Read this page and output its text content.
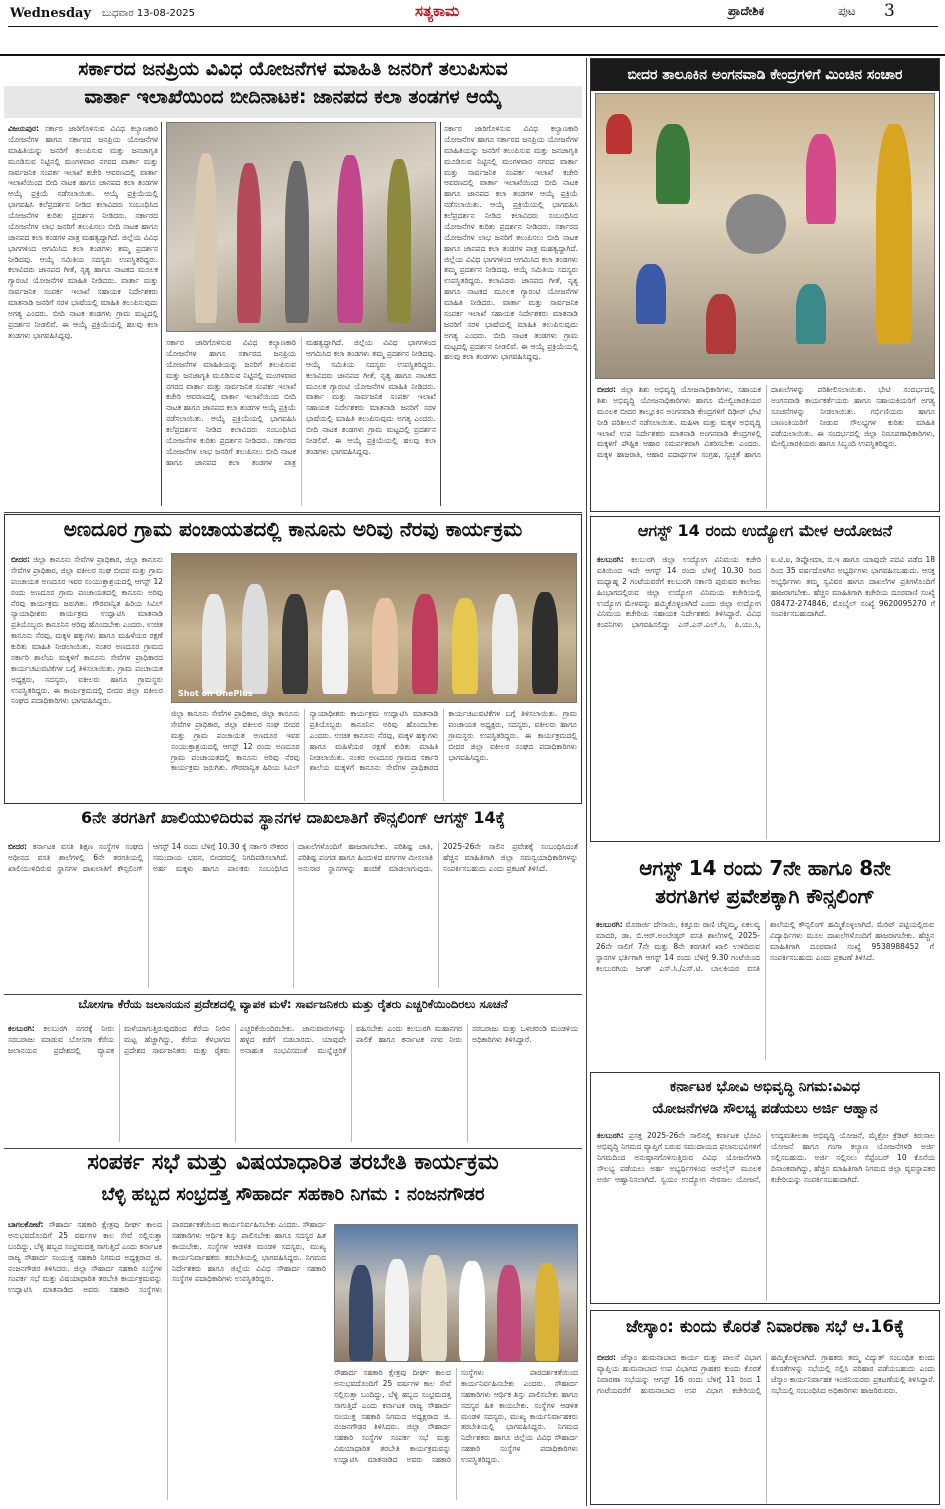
Wednesday ಬುಧವಾರ 13-08-2025	ಸತ್ಯಕಾಮ	ಪ್ರಾದೇಶಿಕ	ಪುಟ 3
ಸರ್ಕಾರದ ಜನಪ್ರಿಯ ವಿವಿಧ ಯೋಜನೆಗಳ ಮಾಹಿತಿ ಜನರಿಗೆ ತಲುಪಿಸುವ
ವಾರ್ತಾ ಇಲಾಖೆಯಿಂದ ಬೀದಿನಾಟಕ: ಜಾನಪದ ಕಲಾ ತಂಡಗಳ ಆಯ್ಕೆ
ವಿಜಯಪುರ: ಸರ್ಕಾರ ಜಾರಿಗೊಳಿಸುವ ವಿವಿಧ ಕಲ್ಯಾಣಕಾರಿ ಯೋಜನೆಗಳ ಹಾಗೂ ಸರ್ಕಾರದ ಜನಪ್ರಿಯ ಯೋಜನೆಗಳ ಮಾಹಿತಿಯನ್ನು ಜನರಿಗೆ ತಲುಪಿಸುವ ಮತ್ತು ಜನಜಾಗೃತಿ ಮೂಡಿಸುವ ನಿಟ್ಟಿನಲ್ಲಿ ಮಂಗಳವಾರ ನಗರದ ವಾರ್ತಾ ಮತ್ತು ಸಾರ್ವಜನಿಕ ಸಂಪರ್ಕ ಇಲಾಖೆ ಕಚೇರಿ ಆವರಣದಲ್ಲಿ ವಾರ್ತಾ ಇಲಾಖೆಯಿಂದ ಬೀದಿ ನಾಟಕ ಹಾಗೂ ಜಾನಪದ ಕಲಾ ತಂಡಗಳ ಆಯ್ಕೆ ಪ್ರಕ್ರಿಯೆ ನಡೆಸಲಾಯಿತು. ಆಯ್ಕೆ ಪ್ರಕ್ರಿಯೆಯಲ್ಲಿ ಭಾಗವಹಿಸಿ ಕಲೆಪ್ರದರ್ಶನ ನೀಡಿದ ಕಲಾವಿದರು ಸಂಬಂಧಿಸಿದ ಯೋಜನೆಗಳ ಕುರಿತು ಪ್ರದರ್ಶನ ನೀಡಿದರು. ಸರ್ಕಾರದ ಯೋಜನೆಗಳ ಲಾಭ ಜನರಿಗೆ ತಲುಪಿಸಲು ಬೀದಿ ನಾಟಕ ಹಾಗೂ ಜಾನಪದ ಕಲಾ ತಂಡಗಳ ಪಾತ್ರ ಮಹತ್ವದ್ದಾಗಿದೆ. ಜಿಲ್ಲೆಯ ವಿವಿಧ ಭಾಗಗಳಿಂದ ಆಗಮಿಸಿದ ಕಲಾ ತಂಡಗಳು ತಮ್ಮ ಪ್ರದರ್ಶನ ನೀಡಿದವು. ಆಯ್ಕೆ ಸಮಿತಿಯ ಸದಸ್ಯರು ಉಪಸ್ಥಿತರಿದ್ದರು. ಕಲಾವಿದರು ಜಾನಪದ ಗೀತೆ, ನೃತ್ಯ ಹಾಗೂ ನಾಟಕದ ಮೂಲಕ ಗ್ಯಾರಂಟಿ ಯೋಜನೆಗಳ ಮಾಹಿತಿ ನೀಡಿದರು. ವಾರ್ತಾ ಮತ್ತು ಸಾರ್ವಜನಿಕ ಸಂಪರ್ಕ ಇಲಾಖೆ ಸಹಾಯಕ ನಿರ್ದೇಶಕರು ಮಾತನಾಡಿ ಜನರಿಗೆ ಸರಳ ಭಾಷೆಯಲ್ಲಿ ಮಾಹಿತಿ ತಲುಪಿಸುವುದು ಅಗತ್ಯ ಎಂದರು. ಬೀದಿ ನಾಟಕ ತಂಡಗಳು ಗ್ರಾಮ ಮಟ್ಟದಲ್ಲಿ ಪ್ರದರ್ಶನ ನೀಡಲಿವೆ. ಈ ಆಯ್ಕೆ ಪ್ರಕ್ರಿಯೆಯಲ್ಲಿ ಹಲವು ಕಲಾ ತಂಡಗಳು ಭಾಗವಹಿಸಿದ್ದವು.
ಸರ್ಕಾರ ಜಾರಿಗೊಳಿಸುವ ವಿವಿಧ ಕಲ್ಯಾಣಕಾರಿ ಯೋಜನೆಗಳ ಹಾಗೂ ಸರ್ಕಾರದ ಜನಪ್ರಿಯ ಯೋಜನೆಗಳ ಮಾಹಿತಿಯನ್ನು ಜನರಿಗೆ ತಲುಪಿಸುವ ಮತ್ತು ಜನಜಾಗೃತಿ ಮೂಡಿಸುವ ನಿಟ್ಟಿನಲ್ಲಿ ಮಂಗಳವಾರ ನಗರದ ವಾರ್ತಾ ಮತ್ತು ಸಾರ್ವಜನಿಕ ಸಂಪರ್ಕ ಇಲಾಖೆ ಕಚೇರಿ ಆವರಣದಲ್ಲಿ ವಾರ್ತಾ ಇಲಾಖೆಯಿಂದ ಬೀದಿ ನಾಟಕ ಹಾಗೂ ಜಾನಪದ ಕಲಾ ತಂಡಗಳ ಆಯ್ಕೆ ಪ್ರಕ್ರಿಯೆ ನಡೆಸಲಾಯಿತು. ಆಯ್ಕೆ ಪ್ರಕ್ರಿಯೆಯಲ್ಲಿ ಭಾಗವಹಿಸಿ ಕಲೆಪ್ರದರ್ಶನ ನೀಡಿದ ಕಲಾವಿದರು ಸಂಬಂಧಿಸಿದ ಯೋಜನೆಗಳ ಕುರಿತು ಪ್ರದರ್ಶನ ನೀಡಿದರು. ಸರ್ಕಾರದ ಯೋಜನೆಗಳ ಲಾಭ ಜನರಿಗೆ ತಲುಪಿಸಲು ಬೀದಿ ನಾಟಕ ಹಾಗೂ ಜಾನಪದ ಕಲಾ ತಂಡಗಳ ಪಾತ್ರ ಮಹತ್ವದ್ದಾಗಿದೆ. ಜಿಲ್ಲೆಯ ವಿವಿಧ ಭಾಗಗಳಿಂದ ಆಗಮಿಸಿದ ಕಲಾ ತಂಡಗಳು ತಮ್ಮ ಪ್ರದರ್ಶನ ನೀಡಿದವು. ಆಯ್ಕೆ ಸಮಿತಿಯ ಸದಸ್ಯರು ಉಪಸ್ಥಿತರಿದ್ದರು. ಕಲಾವಿದರು ಜಾನಪದ ಗೀತೆ, ನೃತ್ಯ ಹಾಗೂ ನಾಟಕದ ಮೂಲಕ ಗ್ಯಾರಂಟಿ ಯೋಜನೆಗಳ ಮಾಹಿತಿ ನೀಡಿದರು. ವಾರ್ತಾ ಮತ್ತು ಸಾರ್ವಜನಿಕ ಸಂಪರ್ಕ ಇಲಾಖೆ ಸಹಾಯಕ ನಿರ್ದೇಶಕರು ಮಾತನಾಡಿ ಜನರಿಗೆ ಸರಳ ಭಾಷೆಯಲ್ಲಿ ಮಾಹಿತಿ ತಲುಪಿಸುವುದು ಅಗತ್ಯ ಎಂದರು. ಬೀದಿ ನಾಟಕ ತಂಡಗಳು ಗ್ರಾಮ ಮಟ್ಟದಲ್ಲಿ ಪ್ರದರ್ಶನ ನೀಡಲಿವೆ. ಈ ಆಯ್ಕೆ ಪ್ರಕ್ರಿಯೆಯಲ್ಲಿ ಹಲವು ಕಲಾ ತಂಡಗಳು ಭಾಗವಹಿಸಿದ್ದವು.
ಸರ್ಕಾರ ಜಾರಿಗೊಳಿಸುವ ವಿವಿಧ ಕಲ್ಯಾಣಕಾರಿ ಯೋಜನೆಗಳ ಹಾಗೂ ಸರ್ಕಾರದ ಜನಪ್ರಿಯ ಯೋಜನೆಗಳ ಮಾಹಿತಿಯನ್ನು ಜನರಿಗೆ ತಲುಪಿಸುವ ಮತ್ತು ಜನಜಾಗೃತಿ ಮೂಡಿಸುವ ನಿಟ್ಟಿನಲ್ಲಿ ಮಂಗಳವಾರ ನಗರದ ವಾರ್ತಾ ಮತ್ತು ಸಾರ್ವಜನಿಕ ಸಂಪರ್ಕ ಇಲಾಖೆ ಕಚೇರಿ ಆವರಣದಲ್ಲಿ ವಾರ್ತಾ ಇಲಾಖೆಯಿಂದ ಬೀದಿ ನಾಟಕ ಹಾಗೂ ಜಾನಪದ ಕಲಾ ತಂಡಗಳ ಆಯ್ಕೆ ಪ್ರಕ್ರಿಯೆ ನಡೆಸಲಾಯಿತು. ಆಯ್ಕೆ ಪ್ರಕ್ರಿಯೆಯಲ್ಲಿ ಭಾಗವಹಿಸಿ ಕಲೆಪ್ರದರ್ಶನ ನೀಡಿದ ಕಲಾವಿದರು ಸಂಬಂಧಿಸಿದ ಯೋಜನೆಗಳ ಕುರಿತು ಪ್ರದರ್ಶನ ನೀಡಿದರು. ಸರ್ಕಾರದ ಯೋಜನೆಗಳ ಲಾಭ ಜನರಿಗೆ ತಲುಪಿಸಲು ಬೀದಿ ನಾಟಕ ಹಾಗೂ ಜಾನಪದ ಕಲಾ ತಂಡಗಳ ಪಾತ್ರ ಮಹತ್ವದ್ದಾಗಿದೆ. ಜಿಲ್ಲೆಯ ವಿವಿಧ ಭಾಗಗಳಿಂದ ಆಗಮಿಸಿದ ಕಲಾ ತಂಡಗಳು ತಮ್ಮ ಪ್ರದರ್ಶನ ನೀಡಿದವು. ಆಯ್ಕೆ ಸಮಿತಿಯ ಸದಸ್ಯರು ಉಪಸ್ಥಿತರಿದ್ದರು. ಕಲಾವಿದರು ಜಾನಪದ ಗೀತೆ, ನೃತ್ಯ ಹಾಗೂ ನಾಟಕದ ಮೂಲಕ ಗ್ಯಾರಂಟಿ ಯೋಜನೆಗಳ ಮಾಹಿತಿ ನೀಡಿದರು. ವಾರ್ತಾ ಮತ್ತು ಸಾರ್ವಜನಿಕ ಸಂಪರ್ಕ ಇಲಾಖೆ ಸಹಾಯಕ ನಿರ್ದೇಶಕರು ಮಾತನಾಡಿ ಜನರಿಗೆ ಸರಳ ಭಾಷೆಯಲ್ಲಿ ಮಾಹಿತಿ ತಲುಪಿಸುವುದು ಅಗತ್ಯ ಎಂದರು. ಬೀದಿ ನಾಟಕ ತಂಡಗಳು ಗ್ರಾಮ ಮಟ್ಟದಲ್ಲಿ ಪ್ರದರ್ಶನ ನೀಡಲಿವೆ. ಈ ಆಯ್ಕೆ ಪ್ರಕ್ರಿಯೆಯಲ್ಲಿ ಹಲವು ಕಲಾ ತಂಡಗಳು ಭಾಗವಹಿಸಿದ್ದವು.
ಬೀದರ ತಾಲೂಕಿನ ಅಂಗನವಾಡಿ ಕೇಂದ್ರಗಳಿಗೆ ಮಿಂಚಿನ ಸಂಚಾರ
ಬೀದರ: ಜಿಲ್ಲಾ ಶಿಶು ಅಭಿವೃದ್ಧಿ ಯೋಜನಾಧಿಕಾರಿಗಳು, ಸಹಾಯಕ ಶಿಶು ಅಭಿವೃದ್ಧಿ ಯೋಜನಾಧಿಕಾರಿಗಳು ಹಾಗೂ ಮೇಲ್ವಿಚಾರಕಿಯರ ಮೂಲಕ ಬೀದರ ತಾಲ್ಲೂಕಿನ ಅಂಗನವಾಡಿ ಕೇಂದ್ರಗಳಿಗೆ ದಿಢೀರ್ ಭೇಟಿ ನೀಡಿ ಪರಿಶೀಲನೆ ನಡೆಸಲಾಯಿತು. ಮಹಿಳಾ ಮತ್ತು ಮಕ್ಕಳ ಅಭಿವೃದ್ಧಿ ಇಲಾಖೆ ಉಪ ನಿರ್ದೇಶಕರು ಮಾತನಾಡಿ ಅಂಗನವಾಡಿ ಕೇಂದ್ರಗಳಲ್ಲಿ ಮಕ್ಕಳಿಗೆ ಪೌಷ್ಟಿಕ ಆಹಾರ ಸಮರ್ಪಕವಾಗಿ ವಿತರಿಸಬೇಕು ಎಂದರು. ಮಕ್ಕಳ ಹಾಜರಾತಿ, ಆಹಾರ ಪದಾರ್ಥಗಳ ಸಂಗ್ರಹ, ಸ್ವಚ್ಛತೆ ಹಾಗೂ ದಾಖಲೆಗಳನ್ನು ಪರಿಶೀಲಿಸಲಾಯಿತು. ಭೇಟಿ ಸಂದರ್ಭದಲ್ಲಿ ಅಂಗನವಾಡಿ ಕಾರ್ಯಕರ್ತೆಯರು ಹಾಗೂ ಸಹಾಯಕಿಯರಿಗೆ ಅಗತ್ಯ ಸೂಚನೆಗಳನ್ನು ನೀಡಲಾಯಿತು. ಗರ್ಭಿಣಿಯರು ಹಾಗೂ ಬಾಣಂತಿಯರಿಗೆ ನೀಡುವ ಸೌಲಭ್ಯಗಳ ಕುರಿತು ಮಾಹಿತಿ ಪಡೆಯಲಾಯಿತು. ಈ ಸಂದರ್ಭದಲ್ಲಿ ಜಿಲ್ಲಾ ನಿರೂಪಣಾಧಿಕಾರಿಗಳು, ಮೇಲ್ವಿಚಾರಕಿಯರು ಹಾಗೂ ಸಿಬ್ಬಂದಿ ಉಪಸ್ಥಿತರಿದ್ದರು.
ಅಣದೂರ ಗ್ರಾಮ ಪಂಚಾಯತದಲ್ಲಿ ಕಾನೂನು ಅರಿವು ನೆರವು ಕಾರ್ಯಕ್ರಮ
ಬೀದರ: ಜಿಲ್ಲಾ ಕಾನೂನು ಸೇವೆಗಳ ಪ್ರಾಧಿಕಾರ, ಜಿಲ್ಲಾ ಕಾನೂನು ಸೇವೆಗಳ ಪ್ರಾಧಿಕಾರ, ಜಿಲ್ಲಾ ವಕೀಲರ ಸಂಘ ಬೀದರ ಮತ್ತು ಗ್ರಾಮ ಪಂಚಾಯತ ಅಣದೂರ ಇವರ ಸಂಯುಕ್ತಾಶ್ರಯದಲ್ಲಿ ಆಗಸ್ಟ್ 12 ರಂದು ಅಣದೂರ ಗ್ರಾಮ ಪಂಚಾಯತದಲ್ಲಿ ಕಾನೂನು ಅರಿವು ನೆರವು ಕಾರ್ಯಕ್ರಮ ಜರುಗಿತು. ಗೌರವಾನ್ವಿತ ಹಿರಿಯ ಸಿವಿಲ್ ನ್ಯಾಯಾಧೀಶರು ಕಾರ್ಯಕ್ರಮ ಉದ್ಘಾಟಿಸಿ ಮಾತನಾಡಿ ಪ್ರತಿಯೊಬ್ಬರು ಕಾನೂನಿನ ಅರಿವು ಹೊಂದಬೇಕು ಎಂದರು. ಉಚಿತ ಕಾನೂನು ನೆರವು, ಮಕ್ಕಳ ಹಕ್ಕುಗಳು ಹಾಗೂ ಮಹಿಳೆಯರ ರಕ್ಷಣೆ ಕುರಿತು ಮಾಹಿತಿ ನೀಡಲಾಯಿತು. ನಂತರ ಅಣದೂರ ಗ್ರಾಮದ ಸರ್ಕಾರಿ ಶಾಲೆಯ ಮಕ್ಕಳಿಗೆ ಕಾನೂನು ಸೇವೆಗಳ ಪ್ರಾಧಿಕಾರದ ಕಾರ್ಯಚಟುವಟಿಕೆಗಳ ಬಗ್ಗೆ ತಿಳಿಸಲಾಯಿತು. ಗ್ರಾಮ ಪಂಚಾಯತ ಅಧ್ಯಕ್ಷರು, ಸದಸ್ಯರು, ವಕೀಲರು ಹಾಗೂ ಗ್ರಾಮಸ್ಥರು ಉಪಸ್ಥಿತರಿದ್ದರು. ಈ ಕಾರ್ಯಕ್ರಮದಲ್ಲಿ ಬೀದರ ಜಿಲ್ಲಾ ವಕೀಲರ ಸಂಘದ ಪದಾಧಿಕಾರಿಗಳು ಭಾಗವಹಿಸಿದ್ದರು.
Shot on OnePlus
ಜಿಲ್ಲಾ ಕಾನೂನು ಸೇವೆಗಳ ಪ್ರಾಧಿಕಾರ, ಜಿಲ್ಲಾ ಕಾನೂನು ಸೇವೆಗಳ ಪ್ರಾಧಿಕಾರ, ಜಿಲ್ಲಾ ವಕೀಲರ ಸಂಘ ಬೀದರ ಮತ್ತು ಗ್ರಾಮ ಪಂಚಾಯತ ಅಣದೂರ ಇವರ ಸಂಯುಕ್ತಾಶ್ರಯದಲ್ಲಿ ಆಗಸ್ಟ್ 12 ರಂದು ಅಣದೂರ ಗ್ರಾಮ ಪಂಚಾಯತದಲ್ಲಿ ಕಾನೂನು ಅರಿವು ನೆರವು ಕಾರ್ಯಕ್ರಮ ಜರುಗಿತು. ಗೌರವಾನ್ವಿತ ಹಿರಿಯ ಸಿವಿಲ್ ನ್ಯಾಯಾಧೀಶರು ಕಾರ್ಯಕ್ರಮ ಉದ್ಘಾಟಿಸಿ ಮಾತನಾಡಿ ಪ್ರತಿಯೊಬ್ಬರು ಕಾನೂನಿನ ಅರಿವು ಹೊಂದಬೇಕು ಎಂದರು. ಉಚಿತ ಕಾನೂನು ನೆರವು, ಮಕ್ಕಳ ಹಕ್ಕುಗಳು ಹಾಗೂ ಮಹಿಳೆಯರ ರಕ್ಷಣೆ ಕುರಿತು ಮಾಹಿತಿ ನೀಡಲಾಯಿತು. ನಂತರ ಅಣದೂರ ಗ್ರಾಮದ ಸರ್ಕಾರಿ ಶಾಲೆಯ ಮಕ್ಕಳಿಗೆ ಕಾನೂನು ಸೇವೆಗಳ ಪ್ರಾಧಿಕಾರದ ಕಾರ್ಯಚಟುವಟಿಕೆಗಳ ಬಗ್ಗೆ ತಿಳಿಸಲಾಯಿತು. ಗ್ರಾಮ ಪಂಚಾಯತ ಅಧ್ಯಕ್ಷರು, ಸದಸ್ಯರು, ವಕೀಲರು ಹಾಗೂ ಗ್ರಾಮಸ್ಥರು ಉಪಸ್ಥಿತರಿದ್ದರು. ಈ ಕಾರ್ಯಕ್ರಮದಲ್ಲಿ ಬೀದರ ಜಿಲ್ಲಾ ವಕೀಲರ ಸಂಘದ ಪದಾಧಿಕಾರಿಗಳು ಭಾಗವಹಿಸಿದ್ದರು.
ಆಗಸ್ಟ್ 14 ರಂದು ಉದ್ಯೋಗ ಮೇಳ ಆಯೋಜನೆ
ಕಲಬುರಗಿ: ಕಲಬುರಗಿ ಜಿಲ್ಲಾ ಉದ್ಯೋಗ ವಿನಿಮಯ ಕಚೇರಿ ವತಿಯಿಂದ ಇದೇ ಆಗಸ್ಟ್ 14 ರಂದು ಬೆಳಿಗ್ಗೆ 10.30 ರಿಂದ ಮಧ್ಯಾಹ್ನ 2 ಗಂಟೆಯವರೆಗೆ ಕಲಬುರಗಿ ಸರ್ಕಾರಿ ಪುರುಷರ ಕಾಲೇಜು ಹಿಂಭಾಗದಲ್ಲಿರುವ ಜಿಲ್ಲಾ ಉದ್ಯೋಗ ವಿನಿಮಯ ಕಚೇರಿಯಲ್ಲಿ ಉದ್ಯೋಗ ಮೇಳವನ್ನು ಹಮ್ಮಿಕೊಳ್ಳಲಾಗಿದೆ ಎಂದು ಜಿಲ್ಲಾ ಉದ್ಯೋಗ ವಿನಿಮಯ ಕಚೇರಿಯ ಸಹಾಯಕ ನಿರ್ದೇಶಕರು ತಿಳಿಸಿದ್ದಾರೆ. ವಿವಿಧ ಕಂಪನಿಗಳು ಭಾಗವಹಿಸಲಿದ್ದು ಎಸ್.ಎಸ್.ಎಲ್.ಸಿ, ಪಿ.ಯು.ಸಿ, ಐ.ಟಿ.ಐ, ಡಿಪ್ಲೋಮಾ, ಬಿ.ಇ ಹಾಗೂ ಯಾವುದೇ ಪದವಿ ಪಡೆದ 18 ರಿಂದ 35 ವರ್ಷದೊಳಗಿನ ಅಭ್ಯರ್ಥಿಗಳು ಭಾಗವಹಿಸಬಹುದು. ಆಸಕ್ತ ಅಭ್ಯರ್ಥಿಗಳು ತಮ್ಮ ಸ್ವವಿವರ ಹಾಗೂ ದಾಖಲೆಗಳ ಪ್ರತಿಗಳೊಂದಿಗೆ ಹಾಜರಾಗಬೇಕು. ಹೆಚ್ಚಿನ ಮಾಹಿತಿಗಾಗಿ ಕಚೇರಿಯ ದೂರವಾಣಿ ಸಂಖ್ಯೆ 08472-274846, ಮೊಬೈಲ್ ಸಂಖ್ಯೆ 9620095270 ಗೆ ಸಂಪರ್ಕಿಸಬಹುದಾಗಿದೆ.
6ನೇ ತರಗತಿಗೆ ಖಾಲಿಯುಳಿದಿರುವ ಸ್ಥಾನಗಳ ದಾಖಲಾತಿಗೆ ಕೌನ್ಸಲಿಂಗ್ ಆಗಸ್ಟ್ 14ಕ್ಕೆ
ಬೀದರ: ಕರ್ನಾಟಕ ವಸತಿ ಶಿಕ್ಷಣ ಸಂಸ್ಥೆಗಳ ಸಂಘದ ಅಧೀನದ ವಸತಿ ಶಾಲೆಗಳಲ್ಲಿ 6ನೇ ತರಗತಿಯಲ್ಲಿ ಖಾಲಿಯುಳಿದಿರುವ ಸ್ಥಾನಗಳ ದಾಖಲಾತಿಗೆ ಕೌನ್ಸಲಿಂಗ್ ಆಗಸ್ಟ್ 14 ರಂದು ಬೆಳಿಗ್ಗೆ 10.30 ಕ್ಕೆ ಸರ್ಕಾರಿ ನೌಕರರ ಸಮುದಾಯ ಭವನ, ಬೀದರದಲ್ಲಿ ನಿಗದಿಪಡಿಸಲಾಗಿದೆ. ಅರ್ಹ ಮಕ್ಕಳು ಹಾಗೂ ಪಾಲಕರು ಸಂಬಂಧಿಸಿದ ದಾಖಲೆಗಳೊಂದಿಗೆ ಹಾಜರಾಗಬೇಕು. ಪರಿಶಿಷ್ಟ ಜಾತಿ, ಪರಿಶಿಷ್ಟ ಪಂಗಡ ಹಾಗೂ ಹಿಂದುಳಿದ ವರ್ಗಗಳ ಮೀಸಲಾತಿ ಅನುಸಾರ ಸ್ಥಾನಗಳನ್ನು ಹಂಚಿಕೆ ಮಾಡಲಾಗುವುದು. 2025-26ನೇ ಸಾಲಿನ ಪ್ರವೇಶಕ್ಕೆ ಸಂಬಂಧಿಸಿದಂತೆ ಹೆಚ್ಚಿನ ಮಾಹಿತಿಗಾಗಿ ಜಿಲ್ಲಾ ಸಮನ್ವಯಾಧಿಕಾರಿಗಳನ್ನು ಸಂಪರ್ಕಿಸಬಹುದು ಎಂದು ಪ್ರಕಟಣೆ ತಿಳಿಸಿದೆ.	ಆಗಸ್ಟ್ 14 ರಂದು 7ನೇ ಹಾಗೂ 8ನೇ
ತರಗತಿಗಳ ಪ್ರವೇಶಕ್ಕಾಗಿ ಕೌನ್ಸಲಿಂಗ್
ಕಲಬುರಗಿ: ಮೊರಾರ್ಜಿ ದೇಸಾಯಿ, ಕಿತ್ತೂರು ರಾಣಿ ಚೆನ್ನಮ್ಮ, ಏಕಲವ್ಯ ಮಾದರಿ, ಡಾ. ಬಿ.ಆರ್.ಅಂಬೇಡ್ಕರ್ ವಸತಿ ಶಾಲೆಗಳಲ್ಲಿ 2025-26ನೇ ಸಾಲಿಗೆ 7ನೇ ಮತ್ತು 8ನೇ ತರಗತಿಗೆ ಖಾಲಿ ಉಳಿದಿರುವ ಸ್ಥಾನಗಳ ಭರ್ತಿಗಾಗಿ ಆಗಸ್ಟ್ 14 ರಂದು ಬೆಳಿಗ್ಗೆ 9.30 ಗಂಟೆಯಿಂದ ಕಲಬುರಗಿಯ ಜಗತ್ ಎಸ್.ಸಿ./ಎಸ್.ಟಿ. ಬಾಲಕಿಯರ ವಸತಿ ಶಾಲೆಯಲ್ಲಿ ಕೌನ್ಸಲಿಂಗ್ ಹಮ್ಮಿಕೊಳ್ಳಲಾಗಿದೆ. ಮೆರಿಟ್ ಪಟ್ಟಿಯಲ್ಲಿರುವ ವಿದ್ಯಾರ್ಥಿಗಳು ಮೂಲ ದಾಖಲೆಗಳೊಂದಿಗೆ ಹಾಜರಾಗಬೇಕು. ಹೆಚ್ಚಿನ ಮಾಹಿತಿಗಾಗಿ ದೂರವಾಣಿ ಸಂಖ್ಯೆ 9538988452 ಗೆ ಸಂಪರ್ಕಿಸಬಹುದು ಎಂದು ಪ್ರಕಟಣೆ ತಿಳಿಸಿದೆ.
ಬೋಸಗಾ ಕೆರೆಯ ಜಲಾನಯನ ಪ್ರದೇಶದಲ್ಲಿ ವ್ಯಾಪಕ ಮಳೆ: ಸಾರ್ವಜನಿಕರು ಮತ್ತು ರೈತರು ಎಚ್ಚರಿಕೆಯಿಂದಿರಲು ಸೂಚನೆ
ಕಲಬುರಗಿ: ಕಲಬುರಗಿ ನಗರಕ್ಕೆ ನೀರು ಸರಬರಾಜು ಮಾಡುವ ಬೋಸಗಾ ಕೆರೆಯ ಜಲಾನಯನ ಪ್ರದೇಶದಲ್ಲಿ ವ್ಯಾಪಕ ಮಳೆಯಾಗುತ್ತಿರುವುದರಿಂದ ಕೆರೆಯ ನೀರಿನ ಮಟ್ಟ ಹೆಚ್ಚಾಗಿದ್ದು, ಕೆರೆಯ ಕೆಳಭಾಗದ ಪ್ರದೇಶದ ಸಾರ್ವಜನಿಕರು ಮತ್ತು ರೈತರು ಎಚ್ಚರಿಕೆಯಿಂದಿರಬೇಕು. ಜಾನುವಾರುಗಳನ್ನು ಹಳ್ಳದ ಕಡೆಗೆ ಬಿಡಬಾರದು. ಯಾವುದೇ ಅನಾಹುತ ಸಂಭವಿಸದಂತೆ ಮುನ್ನೆಚ್ಚರಿಕೆ ವಹಿಸಬೇಕು ಎಂದು ಕಲಬುರಗಿ ಮಹಾನಗರ ಪಾಲಿಕೆ ಹಾಗೂ ಕರ್ನಾಟಕ ನಗರ ನೀರು ಸರಬರಾಜು ಮತ್ತು ಒಳಚರಂಡಿ ಮಂಡಳಿಯ ಅಧಿಕಾರಿಗಳು ತಿಳಿಸಿದ್ದಾರೆ.
ಕರ್ನಾಟಕ ಭೋವಿ ಅಭಿವೃದ್ಧಿ ನಿಗಮ:ವಿವಿಧ
ಯೋಜನೆಗಳಡಿ ಸೌಲಭ್ಯ ಪಡೆಯಲು ಅರ್ಜಿ ಆಹ್ವಾನ
ಕಲಬುರಗಿ: ಪ್ರಸಕ್ತ 2025-26ನೇ ಸಾಲಿನಲ್ಲಿ ಕರ್ನಾಟಕ ಭೋವಿ ಅಭಿವೃದ್ಧಿ ನಿಗಮದ ವ್ಯಾಪ್ತಿಗೆ ಬರುವ ಸಮುದಾಯದ ಫಲಾನುಭವಿಗಳಿಗೆ ನಿಗಮದಿಂದ ಅನುಷ್ಠಾನಗೊಳಿಸುತ್ತಿರುವ ವಿವಿಧ ಯೋಜನೆಗಳಡಿ ಸೌಲಭ್ಯ ಪಡೆಯಲು ಅರ್ಹ ಅಭ್ಯರ್ಥಿಗಳಿಂದ ಆನ್‌ಲೈನ್ ಮೂಲಕ ಅರ್ಜಿ ಆಹ್ವಾನಿಸಲಾಗಿದೆ. ಸ್ವಯಂ ಉದ್ಯೋಗ ನೇರಸಾಲ ಯೋಜನೆ, ಉದ್ಯಮಶೀಲತಾ ಅಭಿವೃದ್ಧಿ ಯೋಜನೆ, ಮೈಕ್ರೋ ಕ್ರೆಡಿಟ್ ಕಿರುಸಾಲ ಯೋಜನೆ ಹಾಗೂ ಗಂಗಾ ಕಲ್ಯಾಣ ಯೋಜನೆಗಳಡಿ ಅರ್ಜಿ ಸಲ್ಲಿಸಬಹುದು. ಅರ್ಜಿ ಸಲ್ಲಿಸಲು ಸೆಪ್ಟೆಂಬರ್ 10 ಕೊನೆಯ ದಿನಾಂಕವಾಗಿದ್ದು, ಹೆಚ್ಚಿನ ಮಾಹಿತಿಗಾಗಿ ನಿಗಮದ ಜಿಲ್ಲಾ ವ್ಯವಸ್ಥಾಪಕರ ಕಚೇರಿಯನ್ನು ಸಂಪರ್ಕಿಸಬಹುದಾಗಿದೆ.
ಸಂಪರ್ಕ ಸಭೆ ಮತ್ತು ವಿಷಯಾಧಾರಿತ ತರಬೇತಿ ಕಾರ್ಯಕ್ರಮ
ಬೆಳ್ಳಿ ಹಬ್ಬದ ಸಂಭ್ರದತ್ತ ಸೌಹಾರ್ದ ಸಹಕಾರಿ ನಿಗಮ : ನಂಜನಗೌಡರ
ಬಾಗಲಕೋಟೆ: ಸೌಹಾರ್ದ ಸಹಕಾರಿ ಕ್ಷೇತ್ರವು ದೀರ್ಘ ಕಾಲದ ಅನುಭವದೊಂದಿಗೆ 25 ವರ್ಷಗಳ ಕಾಲ ಸೇವೆ ಸಲ್ಲಿಸುತ್ತಾ ಬಂದಿದ್ದು, ಬೆಳ್ಳಿ ಹಬ್ಬದ ಸಂಭ್ರಮದತ್ತ ಸಾಗುತ್ತಿದೆ ಎಂದು ಕರ್ನಾಟಕ ರಾಜ್ಯ ಸೌಹಾರ್ದ ಸಂಯುಕ್ತ ಸಹಕಾರಿ ನಿಗಮದ ಅಧ್ಯಕ್ಷರಾದ ಜಿ. ನಂಜನಗೌಡರ ತಿಳಿಸಿದರು. ಜಿಲ್ಲಾ ಸೌಹಾರ್ದ ಸಹಕಾರಿ ಸಂಸ್ಥೆಗಳ ಸಂಪರ್ಕ ಸಭೆ ಮತ್ತು ವಿಷಯಾಧಾರಿತ ತರಬೇತಿ ಕಾರ್ಯಕ್ರಮವನ್ನು ಉದ್ಘಾಟಿಸಿ ಮಾತನಾಡಿದ ಅವರು ಸಹಕಾರಿ ಸಂಸ್ಥೆಗಳು ಪಾರದರ್ಶಕತೆಯಿಂದ ಕಾರ್ಯನಿರ್ವಹಿಸಬೇಕು ಎಂದರು. ಸೌಹಾರ್ದ ಸಹಕಾರಿಗಳು ಆರ್ಥಿಕ ಶಿಸ್ತು ಪಾಲಿಸಬೇಕು ಹಾಗೂ ಸದಸ್ಯರ ಹಿತ ಕಾಯಬೇಕು. ಸಂಸ್ಥೆಗಳ ಆಡಳಿತ ಮಂಡಳಿ ಸದಸ್ಯರು, ಮುಖ್ಯ ಕಾರ್ಯನಿರ್ವಾಹಕರು ತರಬೇತಿಯಲ್ಲಿ ಭಾಗವಹಿಸಿದ್ದರು. ನಿಗಮದ ನಿರ್ದೇಶಕರು ಹಾಗೂ ಜಿಲ್ಲೆಯ ವಿವಿಧ ಸೌಹಾರ್ದ ಸಹಕಾರಿ ಸಂಸ್ಥೆಗಳ ಪದಾಧಿಕಾರಿಗಳು ಉಪಸ್ಥಿತರಿದ್ದರು.
ಸೌಹಾರ್ದ ಸಹಕಾರಿ ಕ್ಷೇತ್ರವು ದೀರ್ಘ ಕಾಲದ ಅನುಭವದೊಂದಿಗೆ 25 ವರ್ಷಗಳ ಕಾಲ ಸೇವೆ ಸಲ್ಲಿಸುತ್ತಾ ಬಂದಿದ್ದು, ಬೆಳ್ಳಿ ಹಬ್ಬದ ಸಂಭ್ರಮದತ್ತ ಸಾಗುತ್ತಿದೆ ಎಂದು ಕರ್ನಾಟಕ ರಾಜ್ಯ ಸೌಹಾರ್ದ ಸಂಯುಕ್ತ ಸಹಕಾರಿ ನಿಗಮದ ಅಧ್ಯಕ್ಷರಾದ ಜಿ. ನಂಜನಗೌಡರ ತಿಳಿಸಿದರು. ಜಿಲ್ಲಾ ಸೌಹಾರ್ದ ಸಹಕಾರಿ ಸಂಸ್ಥೆಗಳ ಸಂಪರ್ಕ ಸಭೆ ಮತ್ತು ವಿಷಯಾಧಾರಿತ ತರಬೇತಿ ಕಾರ್ಯಕ್ರಮವನ್ನು ಉದ್ಘಾಟಿಸಿ ಮಾತನಾಡಿದ ಅವರು ಸಹಕಾರಿ ಸಂಸ್ಥೆಗಳು ಪಾರದರ್ಶಕತೆಯಿಂದ ಕಾರ್ಯನಿರ್ವಹಿಸಬೇಕು ಎಂದರು. ಸೌಹಾರ್ದ ಸಹಕಾರಿಗಳು ಆರ್ಥಿಕ ಶಿಸ್ತು ಪಾಲಿಸಬೇಕು ಹಾಗೂ ಸದಸ್ಯರ ಹಿತ ಕಾಯಬೇಕು. ಸಂಸ್ಥೆಗಳ ಆಡಳಿತ ಮಂಡಳಿ ಸದಸ್ಯರು, ಮುಖ್ಯ ಕಾರ್ಯನಿರ್ವಾಹಕರು ತರಬೇತಿಯಲ್ಲಿ ಭಾಗವಹಿಸಿದ್ದರು. ನಿಗಮದ ನಿರ್ದೇಶಕರು ಹಾಗೂ ಜಿಲ್ಲೆಯ ವಿವಿಧ ಸೌಹಾರ್ದ ಸಹಕಾರಿ ಸಂಸ್ಥೆಗಳ ಪದಾಧಿಕಾರಿಗಳು ಉಪಸ್ಥಿತರಿದ್ದರು.
ಜೇಸ್ಕಾಂ: ಕುಂದು ಕೊರತೆ ನಿವಾರಣಾ ಸಭೆ ಆ.16ಕ್ಕೆ
ಬೀದರ: ಜೆಸ್ಕಾಂ ಹುಮನಾಬಾದ ಕಾರ್ಯ ಮತ್ತು ಪಾಲನೆ ವಿಭಾಗ ವ್ಯಾಪ್ತಿಯ ಹುಮನಾಬಾದ ಉಪ ವಿಭಾಗದ ಗ್ರಾಹಕರ ಕುಂದು ಕೊರತೆ ನಿವಾರಣಾ ಸಭೆಯನ್ನು ಆಗಸ್ಟ್ 16 ರಂದು ಬೆಳಿಗ್ಗೆ 11 ರಿಂದ 1 ಗಂಟೆಯವರೆಗೆ ಹುಮನಾಬಾದ ಉಪ ವಿಭಾಗ ಕಚೇರಿಯಲ್ಲಿ ಹಮ್ಮಿಕೊಳ್ಳಲಾಗಿದೆ. ಗ್ರಾಹಕರು ತಮ್ಮ ವಿದ್ಯುತ್ ಸಂಬಂಧಿತ ಕುಂದು ಕೊರತೆಗಳನ್ನು ಸಭೆಯಲ್ಲಿ ಸಲ್ಲಿಸಿ ಪರಿಹಾರ ಪಡೆಯಬಹುದು ಎಂದು ಜೆಸ್ಕಾಂ ಕಾರ್ಯನಿರ್ವಾಹಕ ಇಂಜಿನಿಯರರು ಪ್ರಕಟಣೆಯಲ್ಲಿ ತಿಳಿಸಿದ್ದಾರೆ. ಸಭೆಯಲ್ಲಿ ಸಂಬಂಧಿಸಿದ ಅಧಿಕಾರಿಗಳು ಹಾಜರಿರುವರು.
